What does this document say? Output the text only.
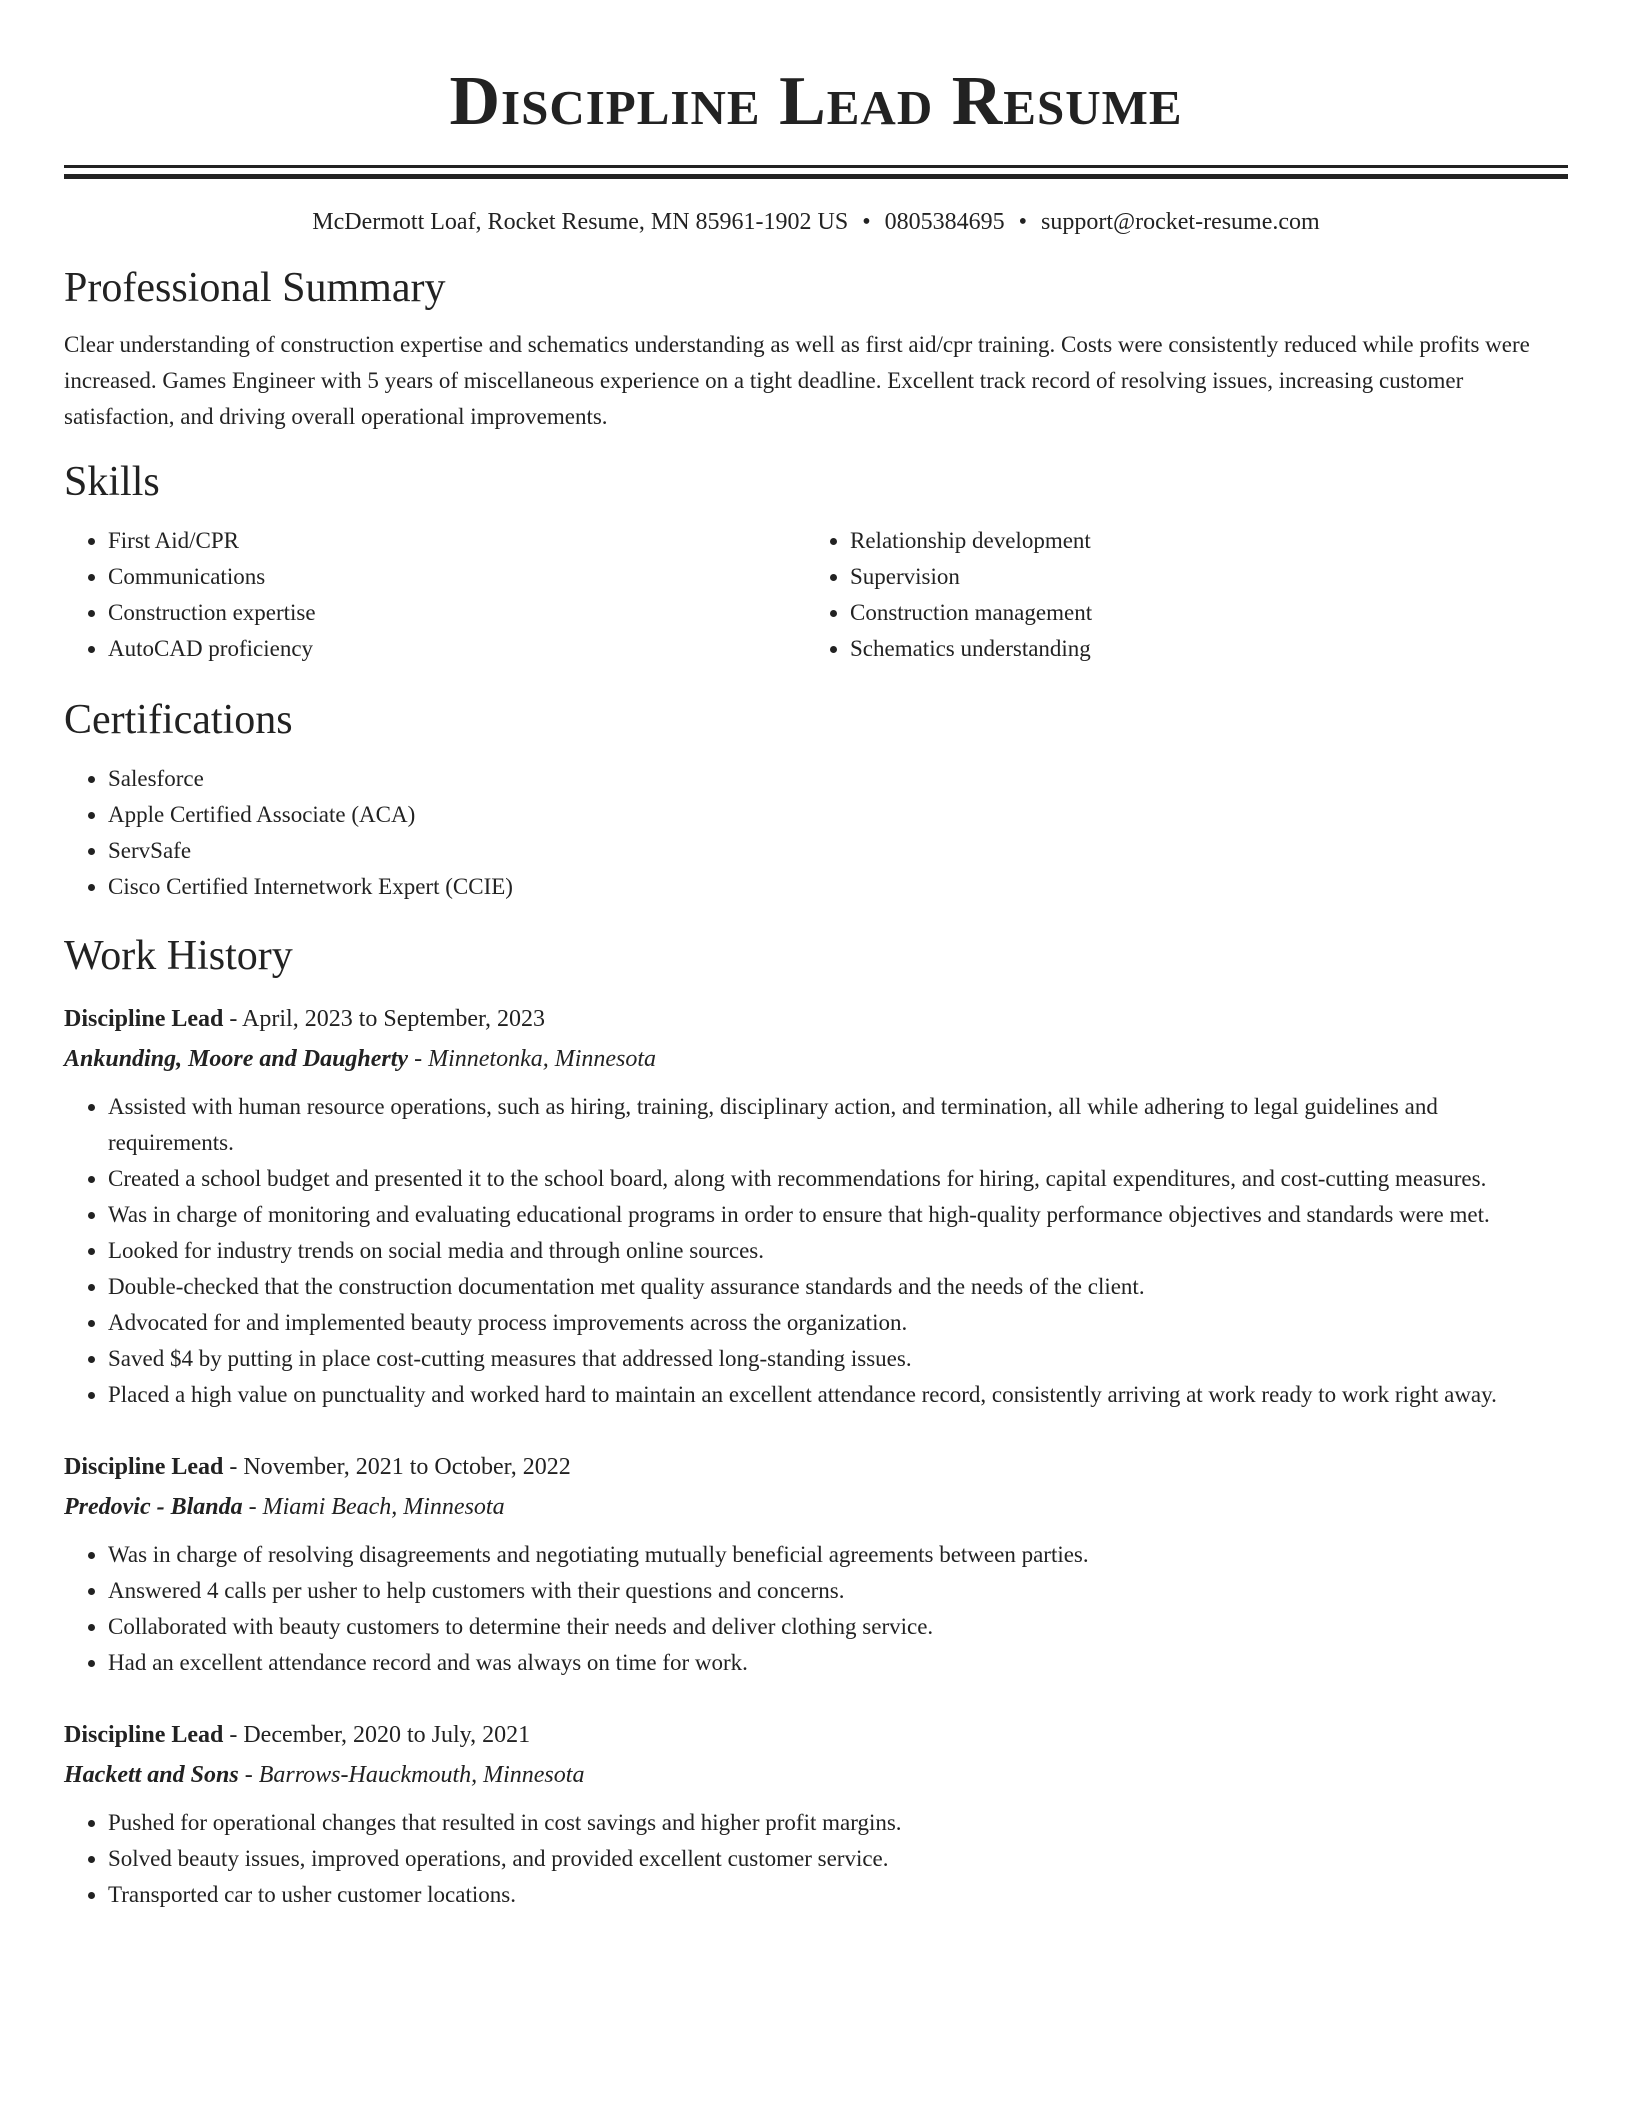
Discipline Lead Resume
McDermott Loaf, Rocket Resume, MN 85961-1902 US • 0805384695 • support@rocket-resume.com
Professional Summary
Clear understanding of construction expertise and schematics understanding as well as first aid/cpr training. Costs were consistently reduced while profits were increased. Games Engineer with 5 years of miscellaneous experience on a tight deadline. Excellent track record of resolving issues, increasing customer satisfaction, and driving overall operational improvements.
Skills
• First Aid/CPR
• Communications
• Construction expertise
• AutoCAD proficiency
• Relationship development
• Supervision
• Construction management
• Schematics understanding
Certifications
• Salesforce
• Apple Certified Associate (ACA)
• ServSafe
• Cisco Certified Internetwork Expert (CCIE)
Work History
Discipline Lead - April, 2023 to September, 2023
Ankunding, Moore and Daugherty - Minnetonka, Minnesota
• Assisted with human resource operations, such as hiring, training, disciplinary action, and termination, all while adhering to legal guidelines and requirements.
• Created a school budget and presented it to the school board, along with recommendations for hiring, capital expenditures, and cost-cutting measures.
• Was in charge of monitoring and evaluating educational programs in order to ensure that high-quality performance objectives and standards were met.
• Looked for industry trends on social media and through online sources.
• Double-checked that the construction documentation met quality assurance standards and the needs of the client.
• Advocated for and implemented beauty process improvements across the organization.
• Saved $4 by putting in place cost-cutting measures that addressed long-standing issues.
• Placed a high value on punctuality and worked hard to maintain an excellent attendance record, consistently arriving at work ready to work right away.
Discipline Lead - November, 2021 to October, 2022
Predovic - Blanda - Miami Beach, Minnesota
• Was in charge of resolving disagreements and negotiating mutually beneficial agreements between parties.
• Answered 4 calls per usher to help customers with their questions and concerns.
• Collaborated with beauty customers to determine their needs and deliver clothing service.
• Had an excellent attendance record and was always on time for work.
Discipline Lead - December, 2020 to July, 2021
Hackett and Sons - Barrows-Hauckmouth, Minnesota
• Pushed for operational changes that resulted in cost savings and higher profit margins.
• Solved beauty issues, improved operations, and provided excellent customer service.
• Transported car to usher customer locations.
